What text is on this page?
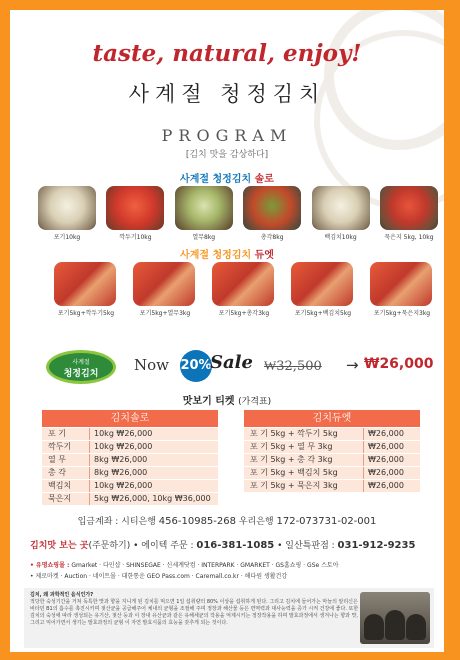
taste, natural, enjoy!
사계절 청정김치
PROGRAM
[김치 맛을 감상하다]
사계절 청정김치 솔로
포기10kg	깍두기10kg	열무8kg	총각8kg	백김치10kg	묵은지 5kg, 10kg
사계절 청정김치 듀엣
포기5kg+깍두기5kg	포기5kg+열무3kg	포기5kg+총각3kg	포기5kg+백김치5kg	포기5kg+묵은지3kg
사계절
청정김치	Now 20%
Sale ₩32,500 → ₩26,000
맛보기 티켓 (가격표)
김치솔로
포 기	10kg ₩26,000
깍두기	10kg ₩26,000
열 무	8kg ₩26,000
총 각	8kg ₩26,000
백김치	10kg ₩26,000
묵은지	5kg ₩26,000, 10kg ₩36,000
김치듀엣
포 기 5kg + 깍두기 5kg	₩26,000
포 기 5kg + 열 무 3kg	₩26,000
포 기 5kg + 총 각 3kg	₩26,000
포 기 5kg + 백김치 5kg	₩26,000
포 기 5kg + 묵은지 3kg	₩26,000
입금계좌 : 시티은행 456-10985-268 우리은행 172-073731-02-001
김치맛 보는 곳(주문하기) • 에이텍 주문 : 016-381-1085 • 일산특판점 : 031-912-9235
• 유명쇼핑몰 : Gmarket · 다인샵 · SHINSEGAE · 신세계닷컴 · INTERPARK · GMARKET · GS홈쇼핑 · GSe 스토아
• 제로마켓 · Auction · 네이트몰 · 대한통운 GEO Pass.com · Caremall.co.kr · 해다원 생활건강
김치, 왜 과학적인 음식인가?
적당한 숙성기간을 거쳐 독특한 맛과 향을 지니게 된 김치를 먹으면 1일 섭취량의 80% 이상을 섭취하게 된다. 그리고 김치에 들어가는 마늘의 알리신은 비타민 B1의 흡수를 촉진시키며 젖산균을 공급해주어 체내의 균형을 조절해 주며 정장과 해산물 등은 면역력과 대사능력을 증가 시켜 건강에 좋다. 또한 김치의 숙성에 따라 생성되는 유기산, 젖산 등과 이 장내 유산균과 같은 유해세균의 작용을 억제시키는 정장작용을 하며 발효과정에서 생겨나는 향과 맛, 그리고 익어가면서 생기는 발효과정의 균형 이 자연 발효식품의 효능을 갖추게 되는 것이다.
